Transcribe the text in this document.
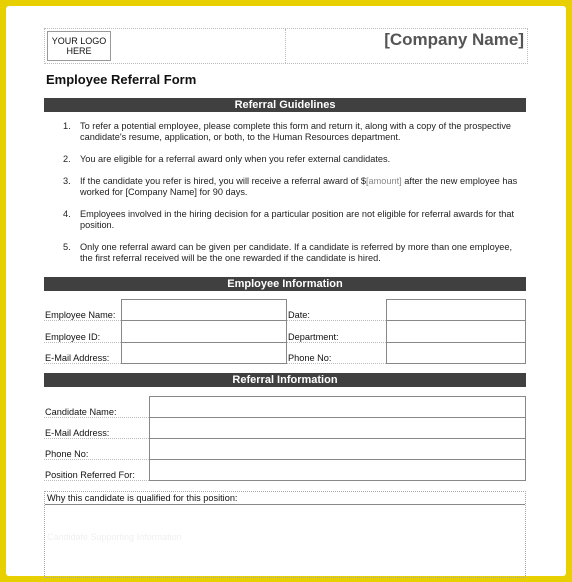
YOUR LOGO HERE
[Company Name]
Employee Referral Form
Referral Guidelines
1. To refer a potential employee, please complete this form and return it, along with a copy of the prospective candidate's resume, application, or both, to the Human Resources department.
2. You are eligible for a referral award only when you refer external candidates.
3. If the candidate you refer is hired, you will receive a referral award of $[amount] after the new employee has worked for [Company Name] for 90 days.
4. Employees involved in the hiring decision for a particular position are not eligible for referral awards for that position.
5. Only one referral award can be given per candidate. If a candidate is referred by more than one employee, the first referral received will be the one rewarded if the candidate is hired.
Employee Information
Employee Name:		Date:	
Employee ID:		Department:	
E-Mail Address:		Phone No:	
Referral Information
Candidate Name:	
E-Mail Address:	
Phone No:	
Position Referred For:	
Why this candidate is qualified for this position:
Candidate Supporting Information
